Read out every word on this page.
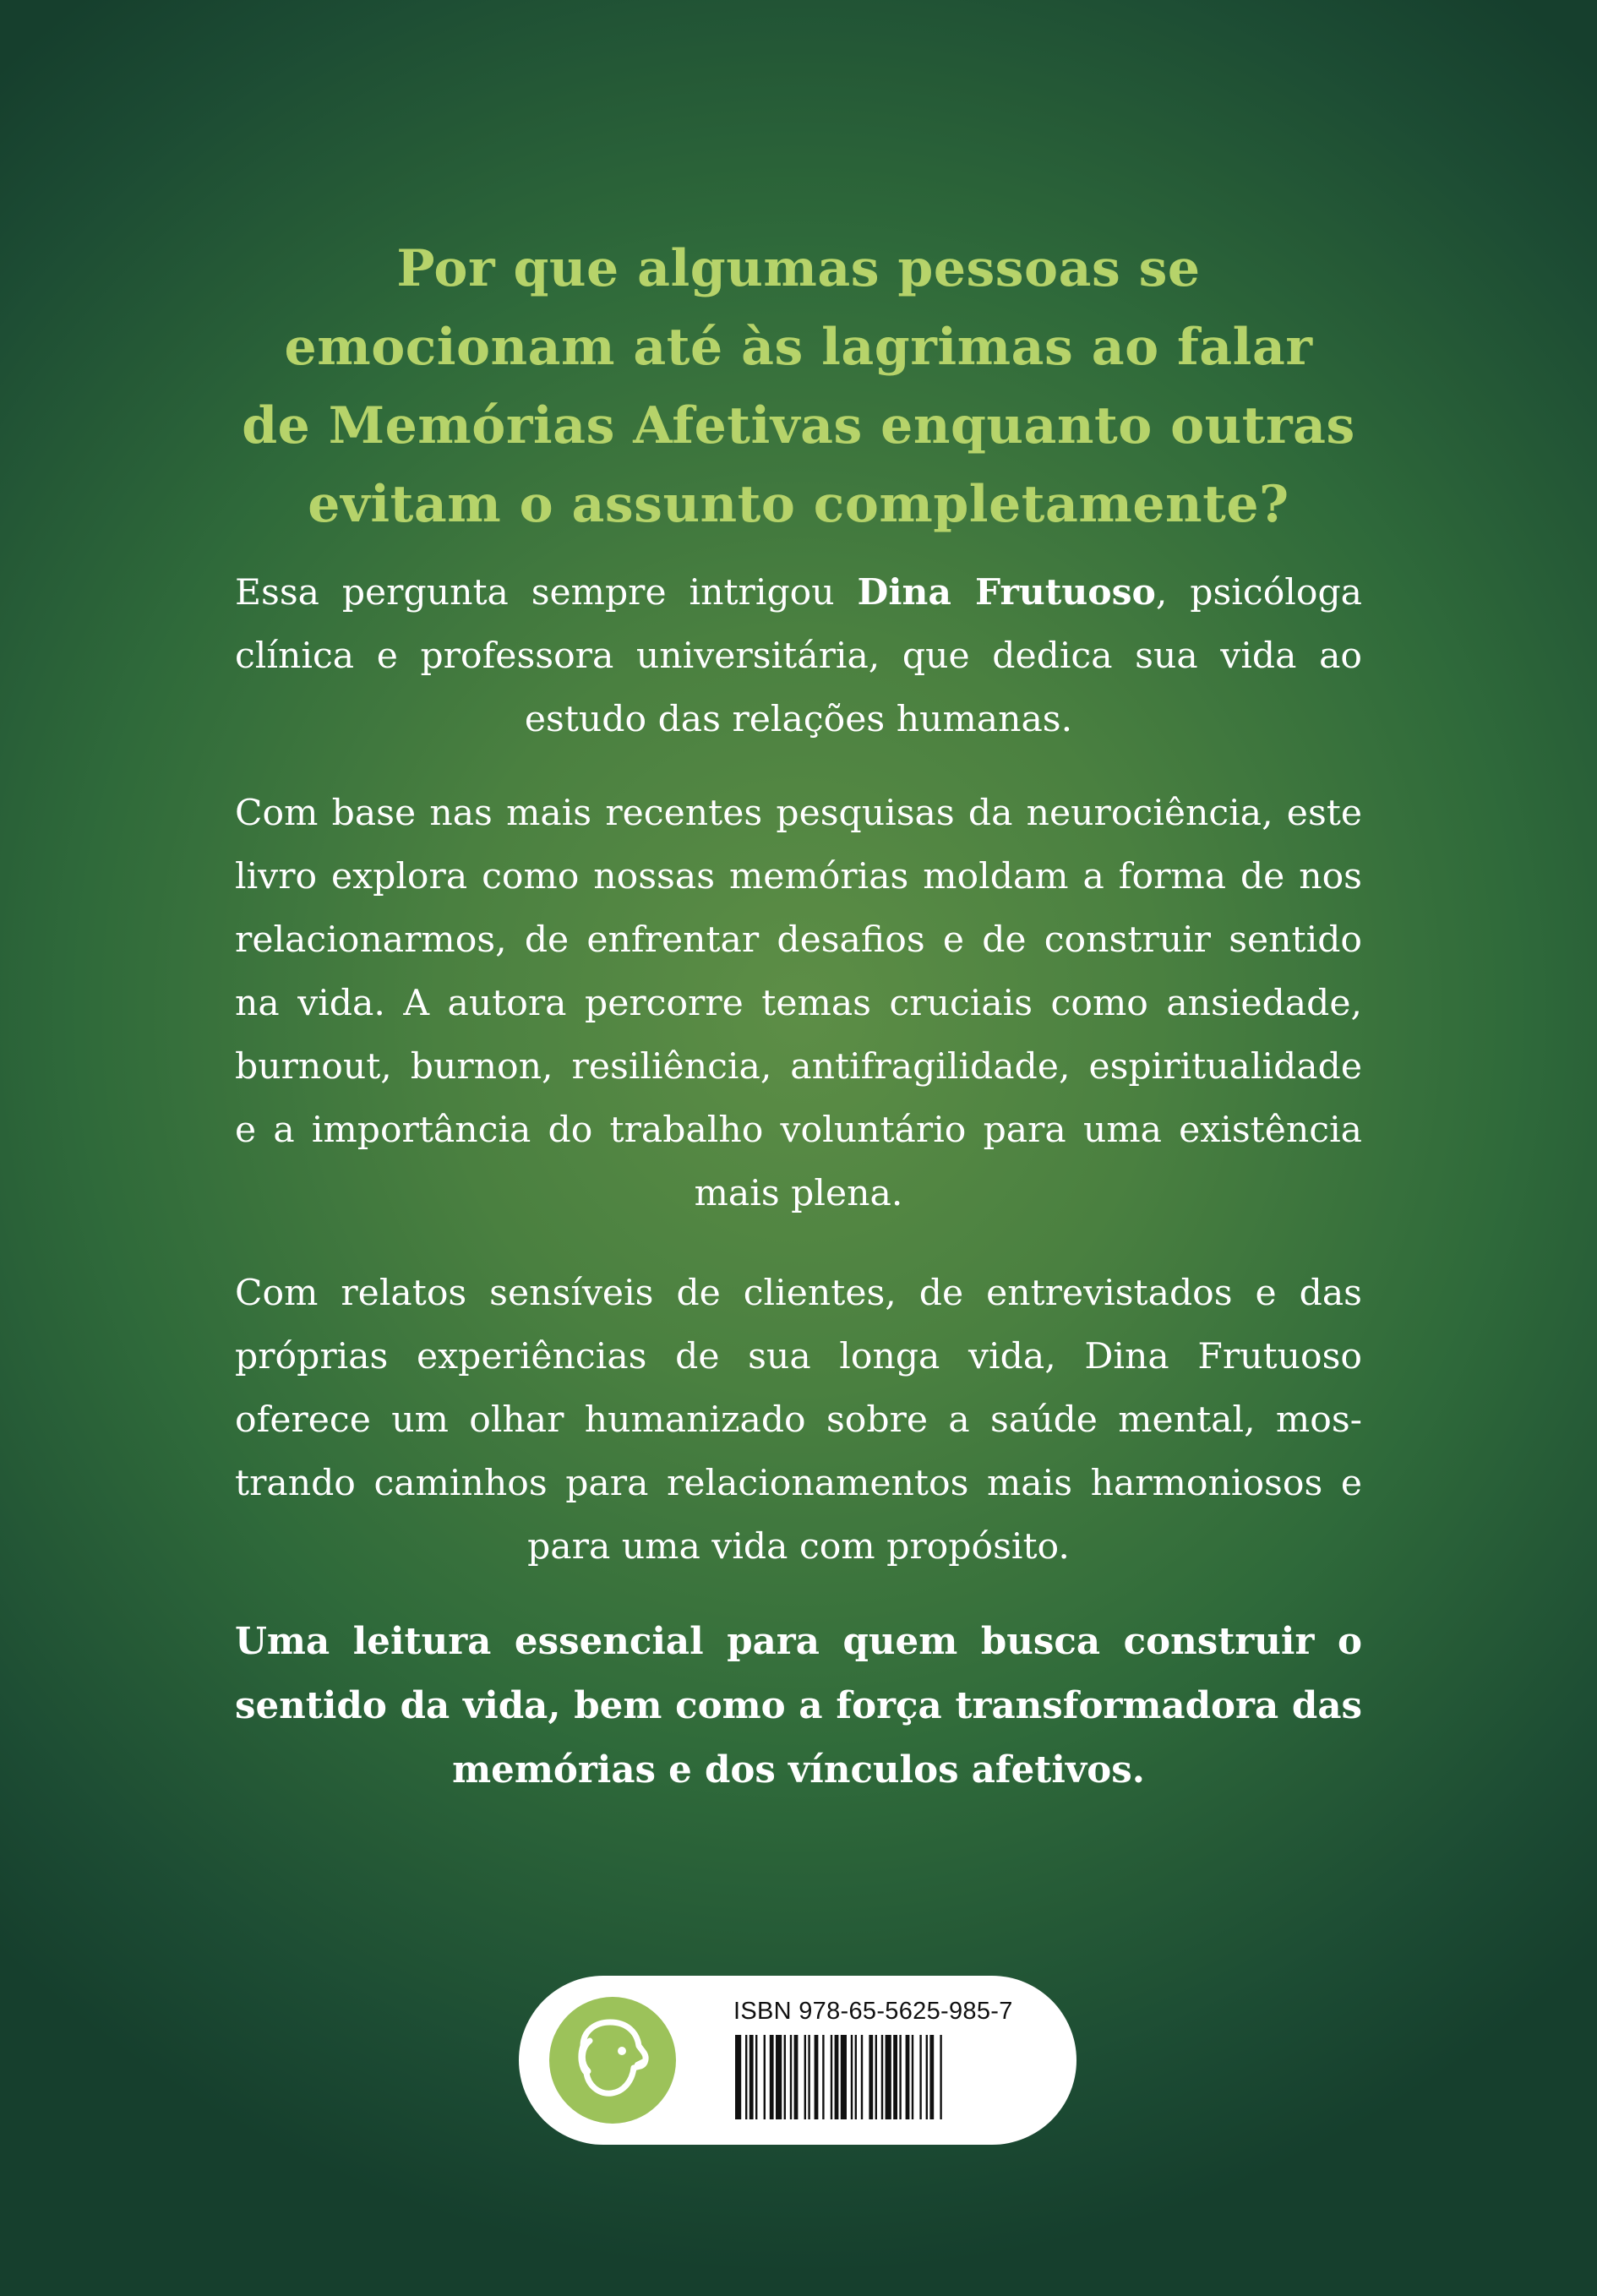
Por que algumas pessoas se
emocionam até às lagrimas ao falar
de Memórias Afetivas enquanto outras
evitam o assunto completamente?

Essa pergunta sempre intrigou Dina Frutuoso, psicóloga clínica e professora universitária, que dedica sua vida ao estudo das relações humanas.

Com base nas mais recentes pesquisas da neurociência, este livro explora como nossas memórias moldam a forma de nos relacionarmos, de enfrentar desafios e de construir sentido na vida. A autora percorre temas cruciais como ansiedade, burnout, burnon, resiliência, antifragilidade, espiritualidade e a importância do trabalho voluntário para uma existência mais plena.

Com relatos sensíveis de clientes, de entrevistados e das próprias experiências de sua longa vida, Dina Frutuoso oferece um olhar humanizado sobre a saúde mental, mos-trando caminhos para relacionamentos mais harmoniosos e para uma vida com propósito.

Uma leitura essencial para quem busca construir o sentido da vida, bem como a força transformadora das memórias e dos vínculos afetivos.

ISBN 978-65-5625-985-7
